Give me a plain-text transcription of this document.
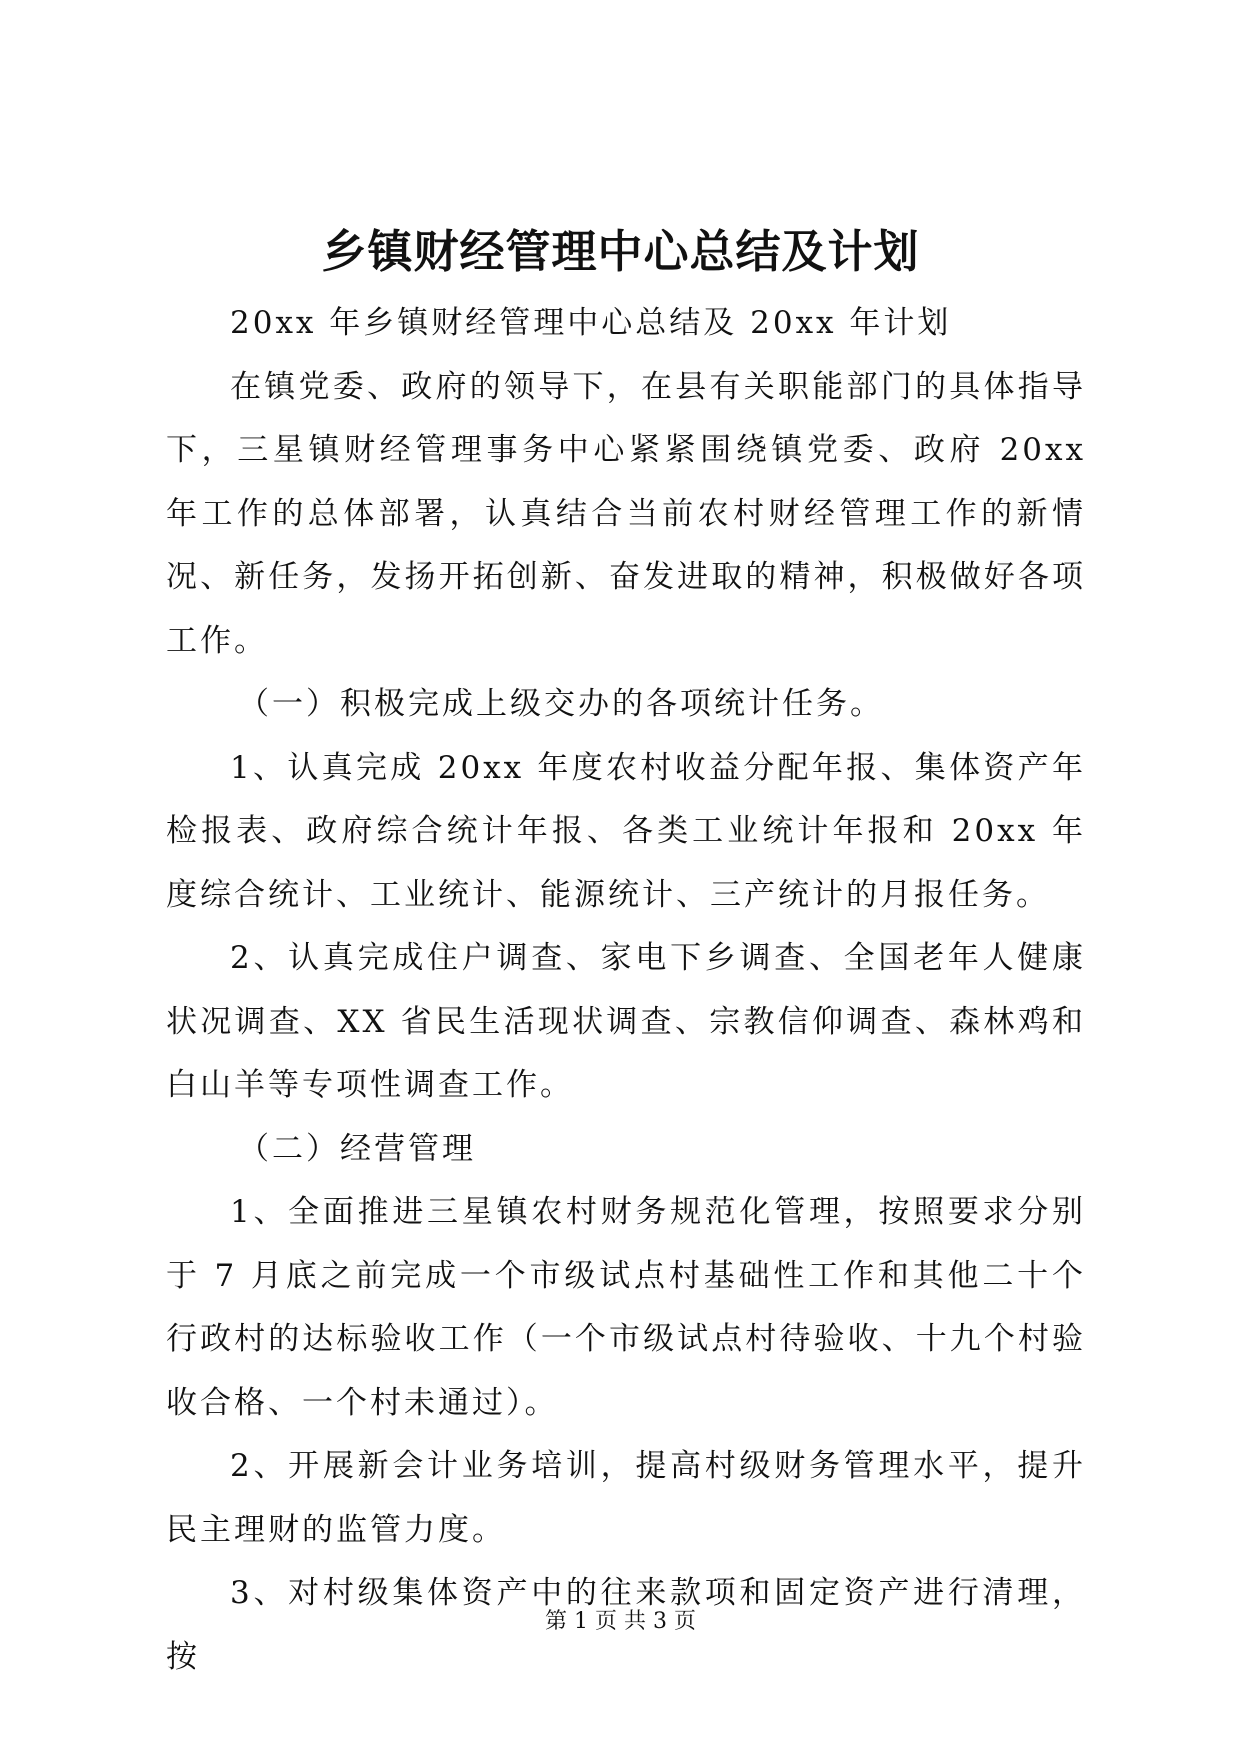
乡镇财经管理中心总结及计划

20xx 年乡镇财经管理中心总结及 20xx 年计划

在镇党委、政府的领导下，在县有关职能部门的具体指导下，三星镇财经管理事务中心紧紧围绕镇党委、政府 20xx 年工作的总体部署，认真结合当前农村财经管理工作的新情况、新任务，发扬开拓创新、奋发进取的精神，积极做好各项工作。

（一）积极完成上级交办的各项统计任务。

1、认真完成 20xx 年度农村收益分配年报、集体资产年检报表、政府综合统计年报、各类工业统计年报和 20xx 年度综合统计、工业统计、能源统计、三产统计的月报任务。

2、认真完成住户调查、家电下乡调查、全国老年人健康状况调查、XX 省民生活现状调查、宗教信仰调查、森林鸡和白山羊等专项性调查工作。

（二）经营管理

1、全面推进三星镇农村财务规范化管理，按照要求分别于 7 月底之前完成一个市级试点村基础性工作和其他二十个行政村的达标验收工作（一个市级试点村待验收、十九个村验收合格、一个村未通过）。

2、开展新会计业务培训，提高村级财务管理水平，提升民主理财的监管力度。

3、对村级集体资产中的往来款项和固定资产进行清理，按

第 1 页 共 3 页
